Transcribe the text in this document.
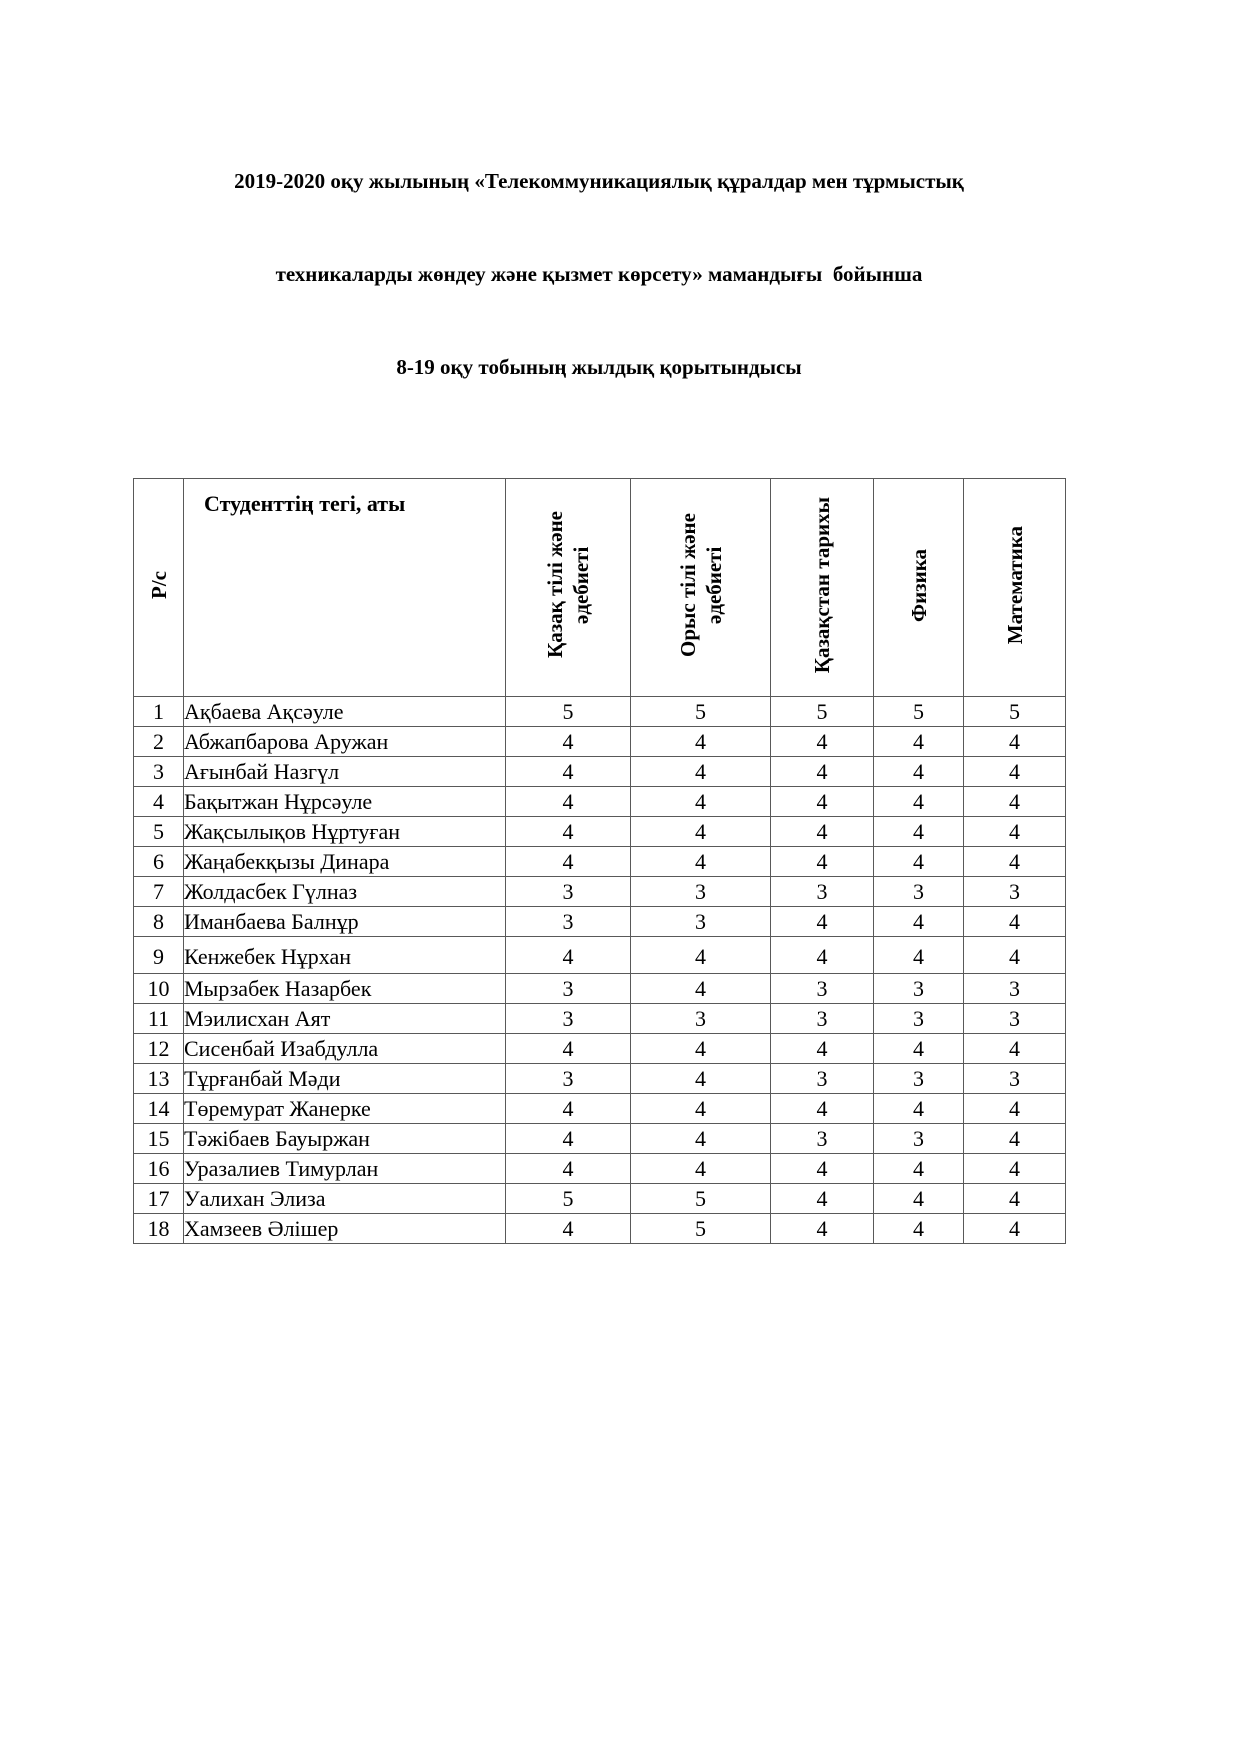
2019-2020 оқу жылының «Телекоммуникациялық құралдар мен тұрмыстық

техникаларды жөндеу және қызмет көрсету» мамандығы  бойынша

8-19 оқу тобының жылдық қорытындысы

Р/с	Студенттің тегі, аты	Қазақ тілі және әдебиеті	Орыс тілі және әдебиеті	Қазақстан тарихы	Физика	Математика
1	Ақбаева Ақсәуле	5	5	5	5	5
2	Абжапбарова Аружан	4	4	4	4	4
3	Ағынбай Назгүл	4	4	4	4	4
4	Бақытжан Нұрсәуле	4	4	4	4	4
5	Жақсылықов Нұртуған	4	4	4	4	4
6	Жаңабекқызы Динара	4	4	4	4	4
7	Жолдасбек Гүлназ	3	3	3	3	3
8	Иманбаева Балнұр	3	3	4	4	4
9	Кенжебек Нұрхан	4	4	4	4	4
10	Мырзабек Назарбек	3	4	3	3	3
11	Мэилисхан Аят	3	3	3	3	3
12	Сисенбай Изабдулла	4	4	4	4	4
13	Тұрғанбай Мәди	3	4	3	3	3
14	Төремурат Жанерке	4	4	4	4	4
15	Тәжібаев Бауыржан	4	4	3	3	4
16	Уразалиев Тимурлан	4	4	4	4	4
17	Уалихан Элиза	5	5	4	4	4
18	Хамзеев Әлішер	4	5	4	4	4
